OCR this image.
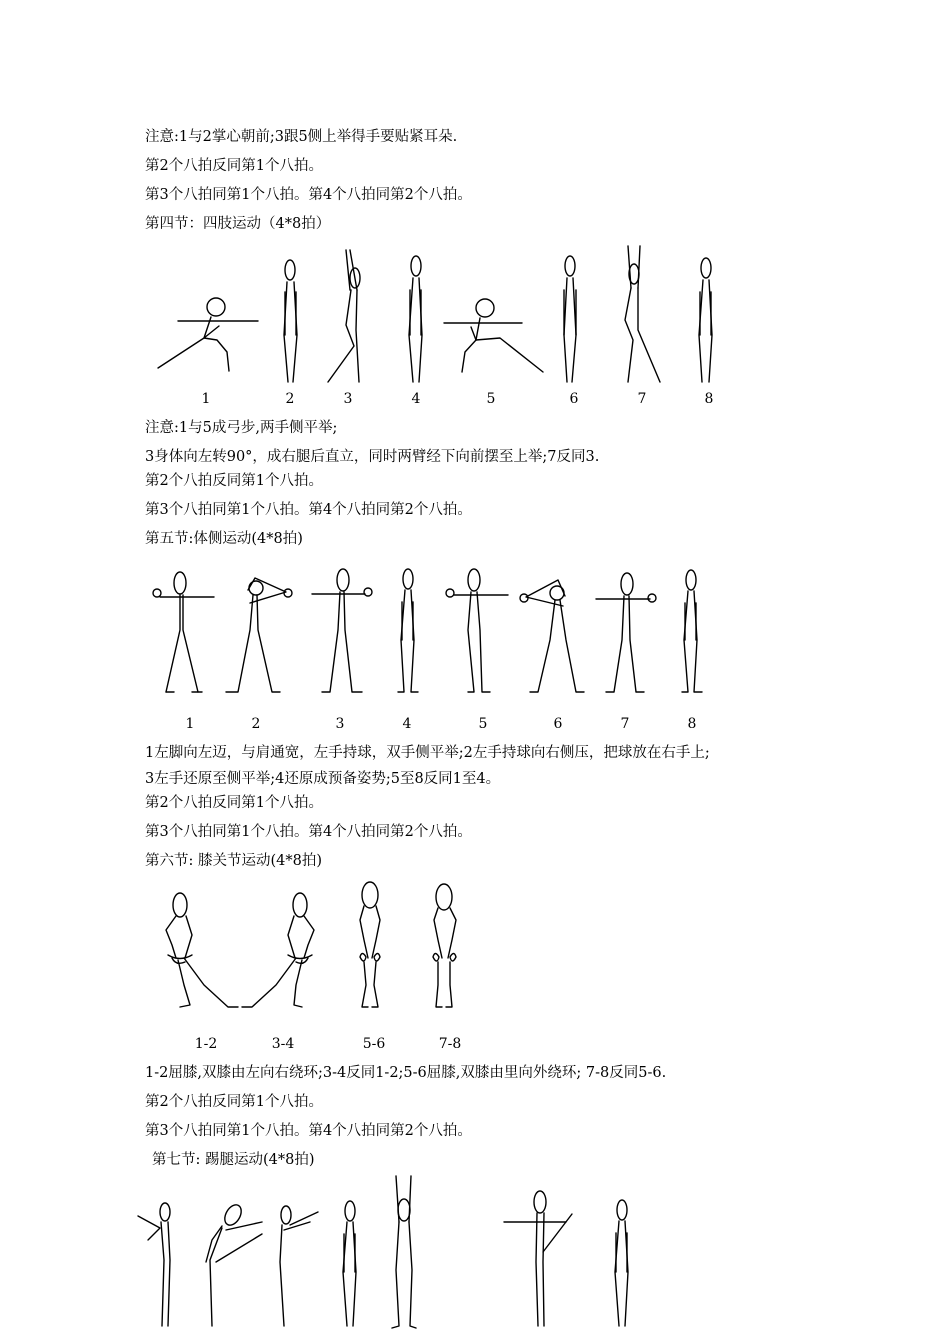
注意:1与2掌心朝前;3跟5侧上举得手要贴紧耳朵.
第2个八拍反同第1个八拍。
第3个八拍同第1个八拍。第4个八拍同第2个八拍。
第四节：四肢运动（4*8拍）
注意:1与5成弓步,两手侧平举;
3身体向左转90°，成右腿后直立，同时两臂经下向前摆至上举;7反同3.
第2个八拍反同第1个八拍。
第3个八拍同第1个八拍。第4个八拍同第2个八拍。
第五节:体侧运动(4*8拍)
1左脚向左迈，与肩通宽，左手持球，双手侧平举;2左手持球向右侧压，把球放在右手上;
3左手还原至侧平举;4还原成预备姿势;5至8反同1至4。
第2个八拍反同第1个八拍。
第3个八拍同第1个八拍。第4个八拍同第2个八拍。
第六节: 膝关节运动(4*8拍)
1-2屈膝,双膝由左向右绕环;3-4反同1-2;5-6屈膝,双膝由里向外绕环; 7-8反同5-6.
第2个八拍反同第1个八拍。
第3个八拍同第1个八拍。第4个八拍同第2个八拍。
第七节: 踢腿运动(4*8拍)
1	2	3	4	5	6	7	8
1	2	3	4	5	6	7	8
1-2	3-4	5-6	7-8
